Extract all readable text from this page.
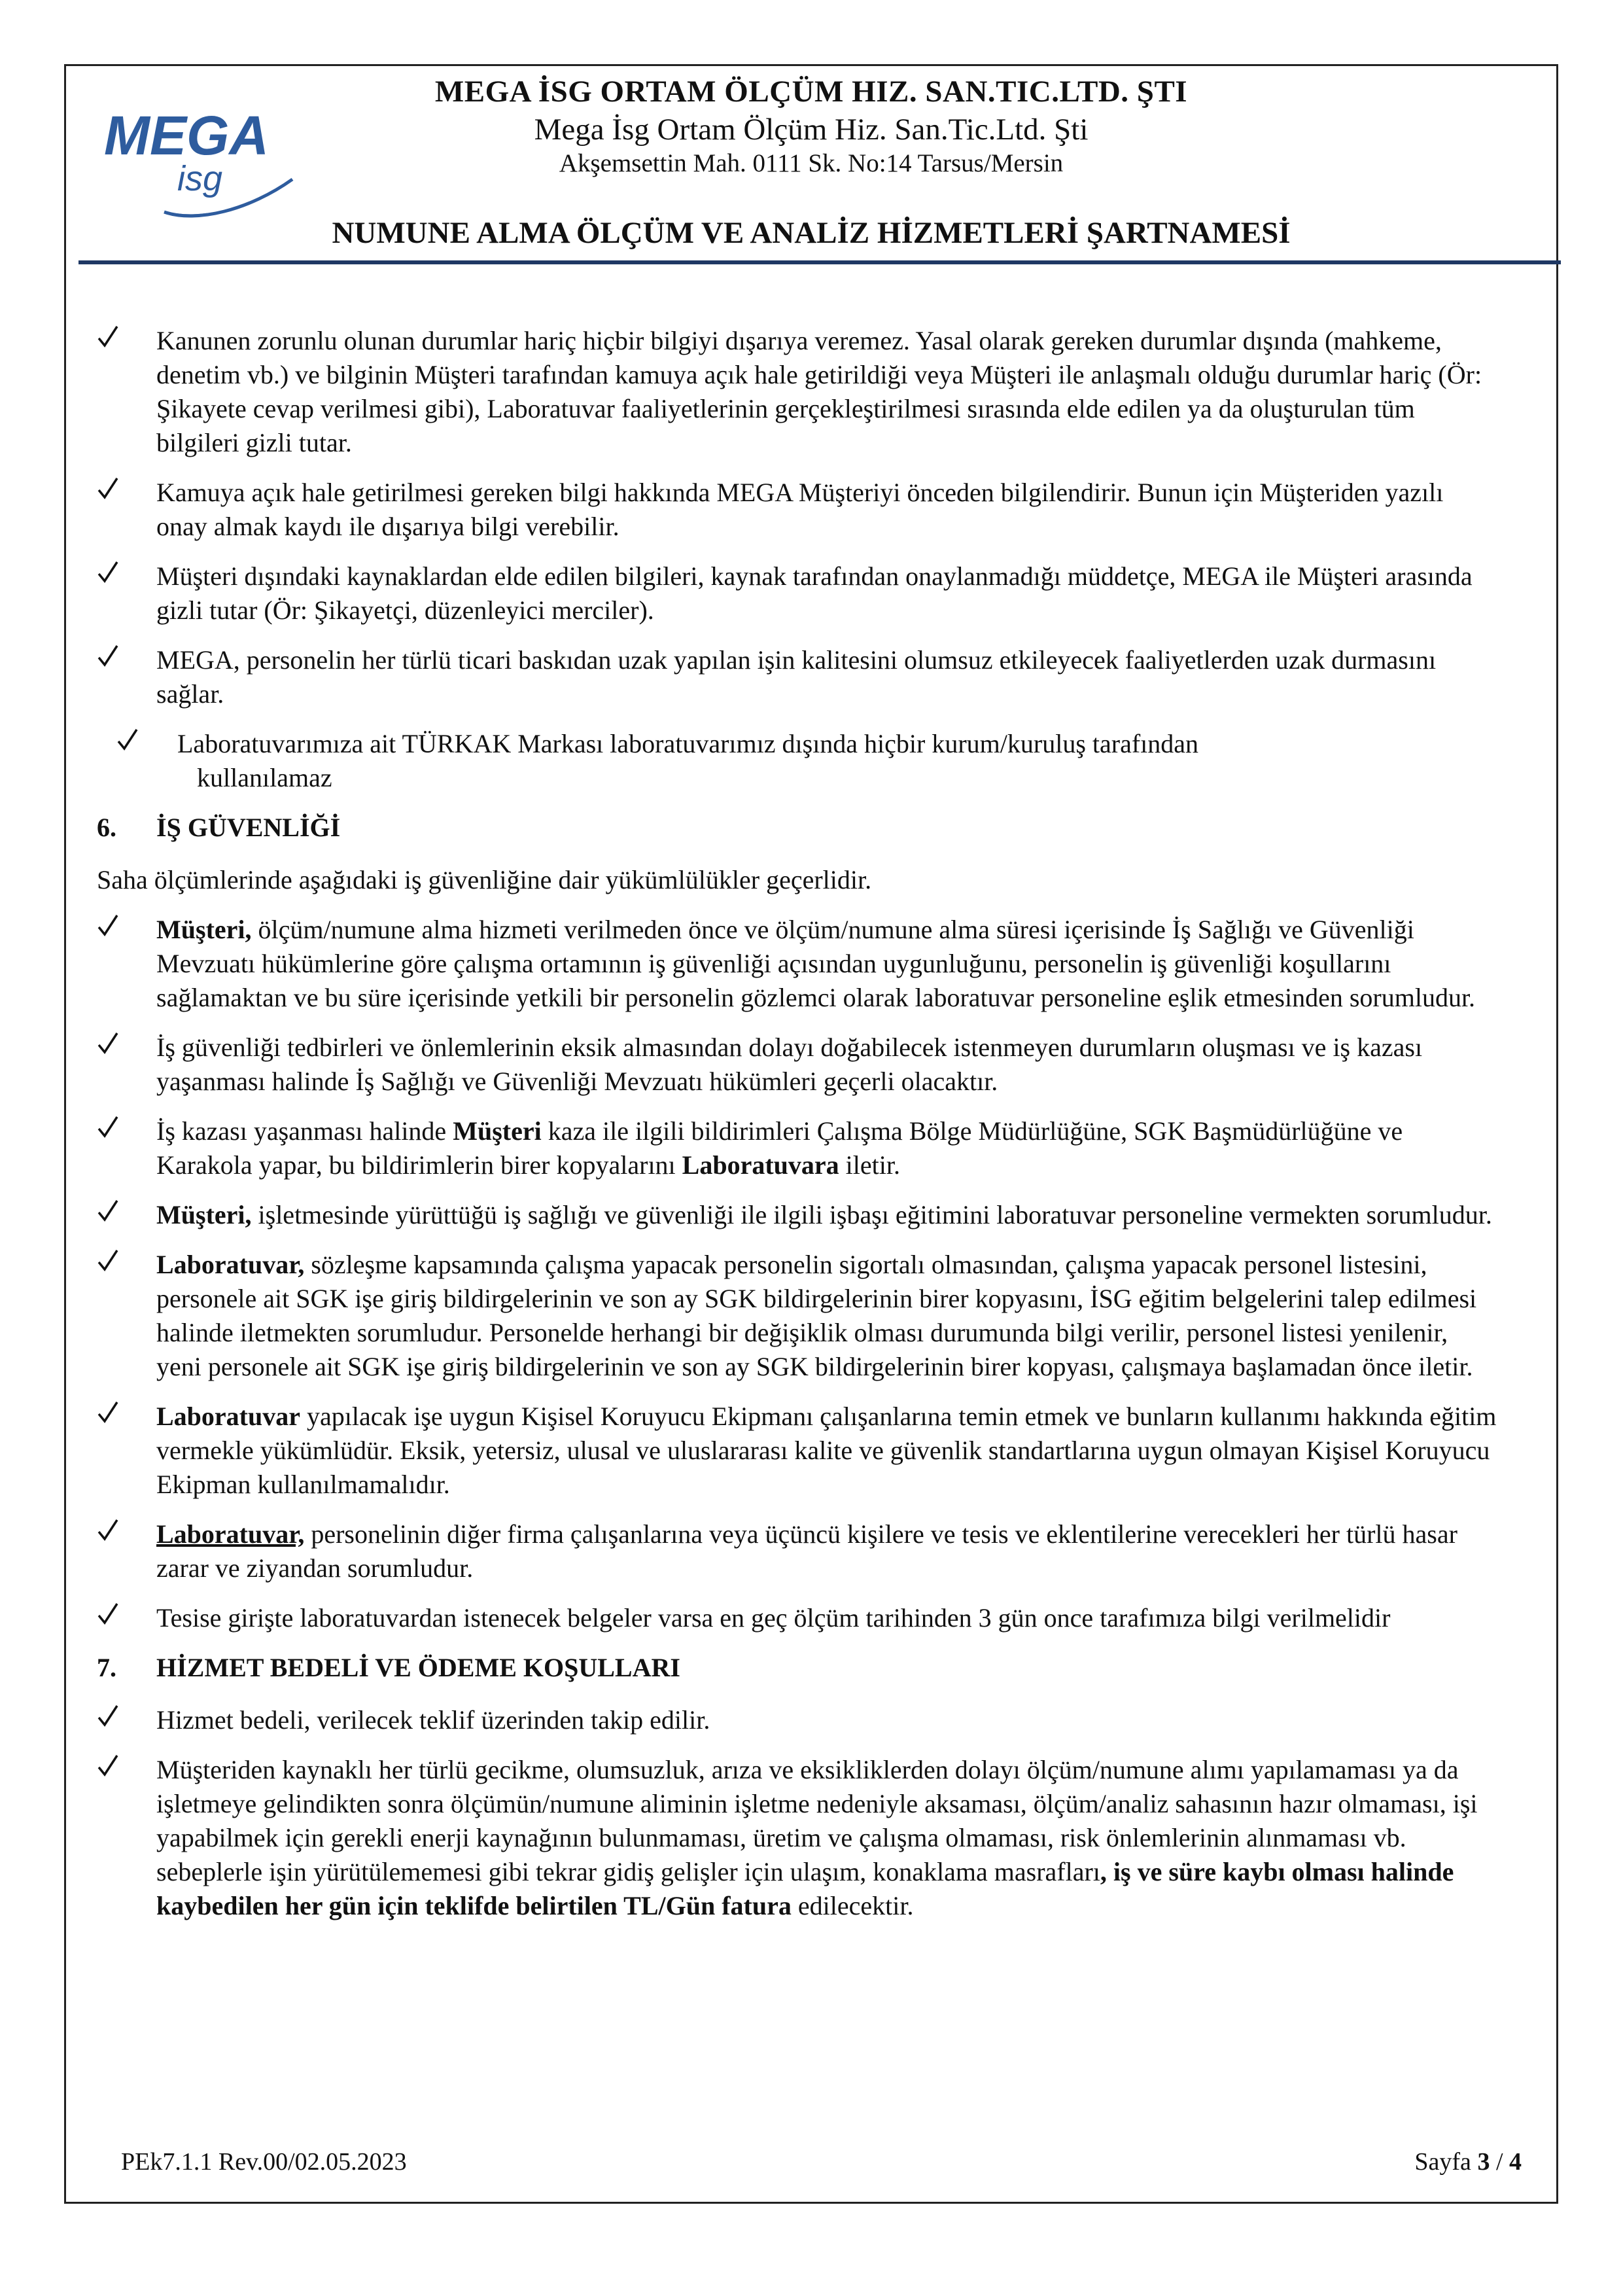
MEGA
isg
MEGA İSG ORTAM ÖLÇÜM HIZ. SAN.TIC.LTD. ŞTI
Mega İsg Ortam Ölçüm Hiz. San.Tic.Ltd. Şti
Akşemsettin Mah. 0111 Sk. No:14 Tarsus/Mersin
NUMUNE ALMA ÖLÇÜM VE ANALİZ HİZMETLERİ ŞARTNAMESİ
Kanunen zorunlu olunan durumlar hariç hiçbir bilgiyi dışarıya veremez. Yasal olarak gereken durumlar dışında (mahkeme, denetim vb.) ve bilginin Müşteri tarafından kamuya açık hale getirildiği veya Müşteri ile anlaşmalı olduğu durumlar hariç (Ör: Şikayete cevap verilmesi gibi), Laboratuvar faaliyetlerinin gerçekleştirilmesi sırasında elde edilen ya da oluşturulan tüm bilgileri gizli tutar.
Kamuya açık hale getirilmesi gereken bilgi hakkında MEGA Müşteriyi önceden bilgilendirir. Bunun için Müşteriden yazılı onay almak kaydı ile dışarıya bilgi verebilir.
Müşteri dışındaki kaynaklardan elde edilen bilgileri, kaynak tarafından onaylanmadığı müddetçe, MEGA ile Müşteri arasında gizli tutar (Ör: Şikayetçi, düzenleyici merciler).
MEGA, personelin her türlü ticari baskıdan uzak yapılan işin kalitesini olumsuz etkileyecek faaliyetlerden uzak durmasını sağlar.
Laboratuvarımıza ait TÜRKAK Markası laboratuvarımız dışında hiçbir kurum/kuruluş tarafından
kullanılamaz
6.	İŞ GÜVENLİĞİ
Saha ölçümlerinde aşağıdaki iş güvenliğine dair yükümlülükler geçerlidir.
Müşteri, ölçüm/numune alma hizmeti verilmeden önce ve ölçüm/numune alma süresi içerisinde İş Sağlığı ve Güvenliği Mevzuatı hükümlerine göre çalışma ortamının iş güvenliği açısından uygunluğunu, personelin iş güvenliği koşullarını sağlamaktan ve bu süre içerisinde yetkili bir personelin gözlemci olarak laboratuvar personeline eşlik etmesinden sorumludur.
İş güvenliği tedbirleri ve önlemlerinin eksik almasından dolayı doğabilecek istenmeyen durumların oluşması ve iş kazası yaşanması halinde İş Sağlığı ve Güvenliği Mevzuatı hükümleri geçerli olacaktır.
İş kazası yaşanması halinde Müşteri kaza ile ilgili bildirimleri Çalışma Bölge Müdürlüğüne, SGK Başmüdürlüğüne ve Karakola yapar, bu bildirimlerin birer kopyalarını Laboratuvara iletir.
Müşteri, işletmesinde yürüttüğü iş sağlığı ve güvenliği ile ilgili işbaşı eğitimini laboratuvar personeline vermekten sorumludur.
Laboratuvar, sözleşme kapsamında çalışma yapacak personelin sigortalı olmasından, çalışma yapacak personel listesini, personele ait SGK işe giriş bildirgelerinin ve son ay SGK bildirgelerinin birer kopyasını, İSG eğitim belgelerini talep edilmesi halinde iletmekten sorumludur. Personelde herhangi bir değişiklik olması durumunda bilgi verilir, personel listesi yenilenir, yeni personele ait SGK işe giriş bildirgelerinin ve son ay SGK bildirgelerinin birer kopyası, çalışmaya başlamadan önce iletir.
Laboratuvar yapılacak işe uygun Kişisel Koruyucu Ekipmanı çalışanlarına temin etmek ve bunların kullanımı hakkında eğitim vermekle yükümlüdür. Eksik, yetersiz, ulusal ve uluslararası kalite ve güvenlik standartlarına uygun olmayan Kişisel Koruyucu Ekipman kullanılmamalıdır.
Laboratuvar, personelinin diğer firma çalışanlarına veya üçüncü kişilere ve tesis ve eklentilerine verecekleri her türlü hasar zarar ve ziyandan sorumludur.
Tesise girişte laboratuvardan istenecek belgeler varsa en geç ölçüm tarihinden 3 gün once tarafımıza bilgi verilmelidir
7.	HİZMET BEDELİ VE ÖDEME KOŞULLARI
Hizmet bedeli, verilecek teklif üzerinden takip edilir.
Müşteriden kaynaklı her türlü gecikme, olumsuzluk, arıza ve eksikliklerden dolayı ölçüm/numune alımı yapılamaması ya da işletmeye gelindikten sonra ölçümün/numune aliminin işletme nedeniyle aksaması, ölçüm/analiz sahasının hazır olmaması, işi yapabilmek için gerekli enerji kaynağının bulunmaması, üretim ve çalışma olmaması, risk önlemlerinin alınmaması vb. sebeplerle işin yürütülememesi gibi tekrar gidiş gelişler için ulaşım, konaklama masrafları, iş ve süre kaybı olması halinde kaybedilen her gün için teklifde belirtilen TL/Gün fatura edilecektir.
PEk7.1.1 Rev.00/02.05.2023	Sayfa 3 / 4
